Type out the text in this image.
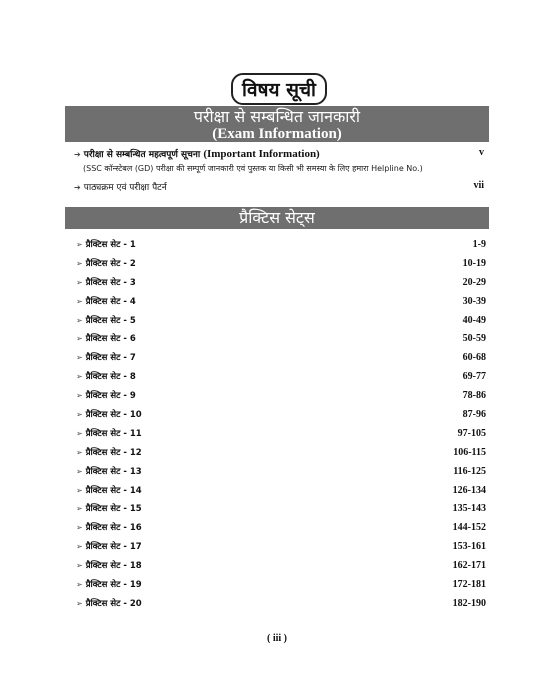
विषय सूची
परीक्षा से सम्बन्धित जानकारी
(Exam Information)
➔ परीक्षा से सम्बन्धित महत्वपूर्ण सूचना (Important Information)	v
(SSC कॉन्स्टेबल (GD) परीक्षा की सम्पूर्ण जानकारी एवं पुस्तक या किसी भी समस्या के लिए हमारा Helpline No.)
➔ पाठ्यक्रम एवं परीक्षा पैटर्न	vii
प्रैक्टिस सेट्स
➢ प्रैक्टिस सेट - 1	1-9
➢ प्रैक्टिस सेट - 2	10-19
➢ प्रैक्टिस सेट - 3	20-29
➢ प्रैक्टिस सेट - 4	30-39
➢ प्रैक्टिस सेट - 5	40-49
➢ प्रैक्टिस सेट - 6	50-59
➢ प्रैक्टिस सेट - 7	60-68
➢ प्रैक्टिस सेट - 8	69-77
➢ प्रैक्टिस सेट - 9	78-86
➢ प्रैक्टिस सेट - 10	87-96
➢ प्रैक्टिस सेट - 11	97-105
➢ प्रैक्टिस सेट - 12	106-115
➢ प्रैक्टिस सेट - 13	116-125
➢ प्रैक्टिस सेट - 14	126-134
➢ प्रैक्टिस सेट - 15	135-143
➢ प्रैक्टिस सेट - 16	144-152
➢ प्रैक्टिस सेट - 17	153-161
➢ प्रैक्टिस सेट - 18	162-171
➢ प्रैक्टिस सेट - 19	172-181
➢ प्रैक्टिस सेट - 20	182-190
( iii )
